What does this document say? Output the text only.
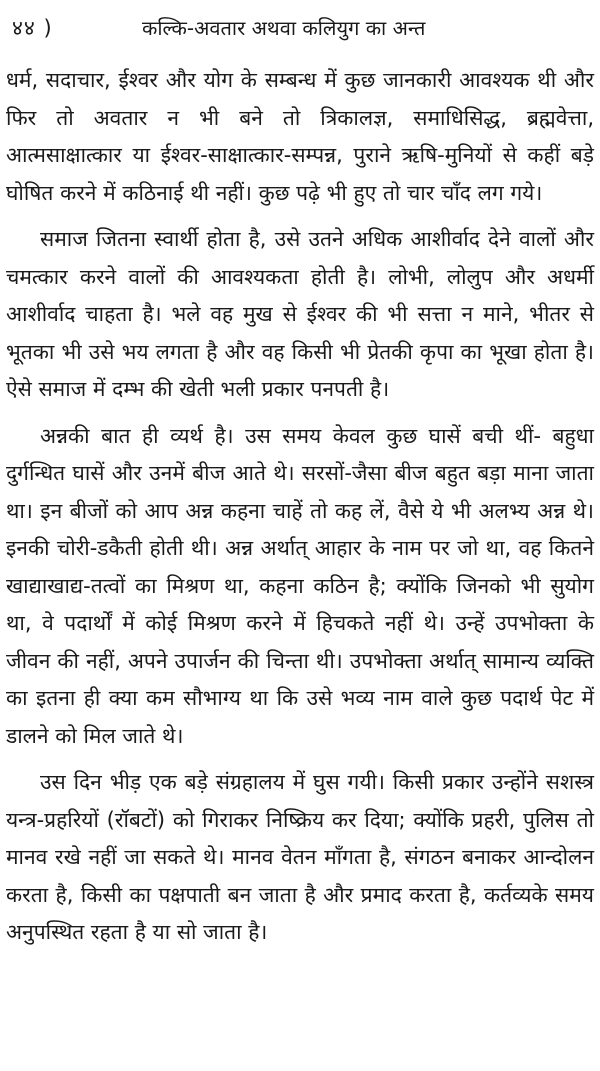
४४ )	कल्कि-अवतार अथवा कलियुग का अन्त

धर्म, सदाचार, ईश्वर और योग के सम्बन्ध में कुछ जानकारी आवश्यक थी और फिर तो अवतार न भी बने तो त्रिकालज्ञ, समाधिसिद्ध, ब्रह्मवेत्ता, आत्मसाक्षात्कार या ईश्वर-साक्षात्कार-सम्पन्न, पुराने ऋषि-मुनियों से कहीं बड़े घोषित करने में कठिनाई थी नहीं। कुछ पढ़े भी हुए तो चार चाँद लग गये।

समाज जितना स्वार्थी होता है, उसे उतने अधिक आशीर्वाद देने वालों और चमत्कार करने वालों की आवश्यकता होती है। लोभी, लोलुप और अधर्मी आशीर्वाद चाहता है। भले वह मुख से ईश्वर की भी सत्ता न माने, भीतर से भूतका भी उसे भय लगता है और वह किसी भी प्रेतकी कृपा का भूखा होता है। ऐसे समाज में दम्भ की खेती भली प्रकार पनपती है।

अन्नकी बात ही व्यर्थ है। उस समय केवल कुछ घासें बची थीं- बहुधा दुर्गन्धित घासें और उनमें बीज आते थे। सरसों-जैसा बीज बहुत बड़ा माना जाता था। इन बीजों को आप अन्न कहना चाहें तो कह लें, वैसे ये भी अलभ्य अन्न थे। इनकी चोरी-डकैती होती थी। अन्न अर्थात् आहार के नाम पर जो था, वह कितने खाद्याखाद्य-तत्वों का मिश्रण था, कहना कठिन है; क्योंकि जिनको भी सुयोग था, वे पदार्थों में कोई मिश्रण करने में हिचकते नहीं थे। उन्हें उपभोक्ता के जीवन की नहीं, अपने उपार्जन की चिन्ता थी। उपभोक्ता अर्थात् सामान्य व्यक्ति का इतना ही क्या कम सौभाग्य था कि उसे भव्य नाम वाले कुछ पदार्थ पेट में डालने को मिल जाते थे।

उस दिन भीड़ एक बड़े संग्रहालय में घुस गयी। किसी प्रकार उन्होंने सशस्त्र यन्त्र-प्रहरियों (रॉबटों) को गिराकर निष्क्रिय कर दिया; क्योंकि प्रहरी, पुलिस तो मानव रखे नहीं जा सकते थे। मानव वेतन माँगता है, संगठन बनाकर आन्दोलन करता है, किसी का पक्षपाती बन जाता है और प्रमाद करता है, कर्तव्यके समय अनुपस्थित रहता है या सो जाता है।
